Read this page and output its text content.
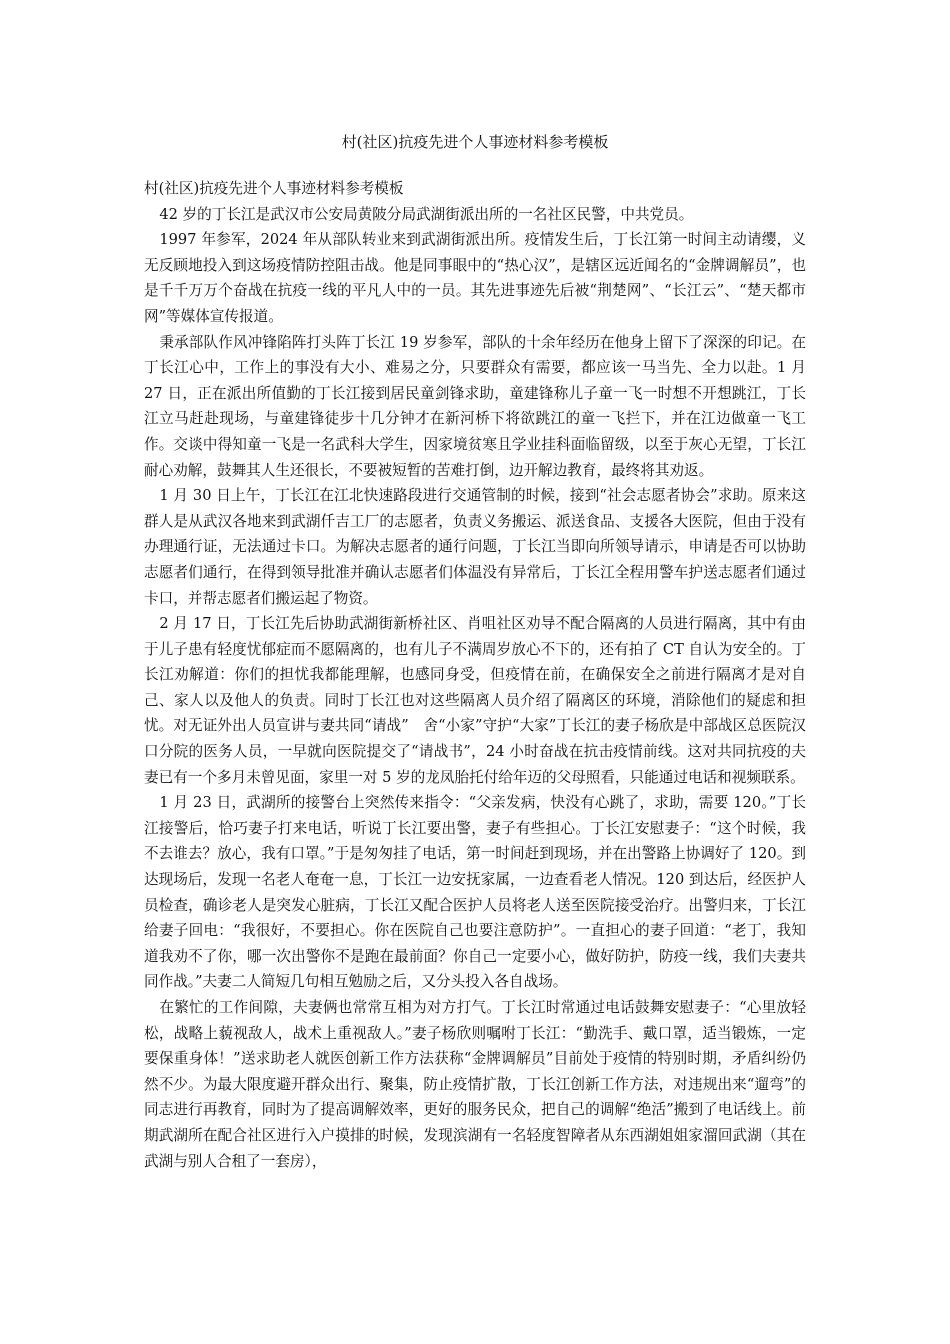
村(社区)抗疫先进个人事迹材料参考模板

村(社区)抗疫先进个人事迹材料参考模板

42 岁的丁长江是武汉市公安局黄陂分局武湖街派出所的一名社区民警，中共党员。

1997 年参军，2024 年从部队转业来到武湖街派出所。疫情发生后，丁长江第一时间主动请缨，义无反顾地投入到这场疫情防控阻击战。他是同事眼中的“热心汉”，是辖区远近闻名的“金牌调解员”，也是千千万万个奋战在抗疫一线的平凡人中的一员。其先进事迹先后被“荆楚网”、“长江云”、“楚天都市网”等媒体宣传报道。

秉承部队作风冲锋陷阵打头阵丁长江 19 岁参军，部队的十余年经历在他身上留下了深深的印记。在丁长江心中，工作上的事没有大小、难易之分，只要群众有需要，都应该一马当先、全力以赴。1 月 27 日，正在派出所值勤的丁长江接到居民童剑锋求助，童建锋称儿子童一飞一时想不开想跳江，丁长江立马赶赴现场，与童建锋徒步十几分钟才在新河桥下将欲跳江的童一飞拦下，并在江边做童一飞工作。交谈中得知童一飞是一名武科大学生，因家境贫寒且学业挂科面临留级，以至于灰心无望，丁长江耐心劝解，鼓舞其人生还很长，不要被短暂的苦难打倒，边开解边教育，最终将其劝返。

1 月 30 日上午，丁长江在江北快速路段进行交通管制的时候，接到“社会志愿者协会”求助。原来这群人是从武汉各地来到武湖仟吉工厂的志愿者，负责义务搬运、派送食品、支援各大医院，但由于没有办理通行证，无法通过卡口。为解决志愿者的通行问题，丁长江当即向所领导请示，申请是否可以协助志愿者们通行，在得到领导批准并确认志愿者们体温没有异常后，丁长江全程用警车护送志愿者们通过卡口，并帮志愿者们搬运起了物资。

2 月 17 日，丁长江先后协助武湖街新桥社区、肖咀社区劝导不配合隔离的人员进行隔离，其中有由于儿子患有轻度忧郁症而不愿隔离的，也有儿子不满周岁放心不下的，还有拍了 CT 自认为安全的。丁长江劝解道：你们的担忧我都能理解，也感同身受，但疫情在前，在确保安全之前进行隔离才是对自己、家人以及他人的负责。同时丁长江也对这些隔离人员介绍了隔离区的环境，消除他们的疑虑和担忧。对无证外出人员宣讲与妻共同“请战”　舍“小家”守护“大家”丁长江的妻子杨欣是中部战区总医院汉口分院的医务人员，一早就向医院提交了“请战书”，24 小时奋战在抗击疫情前线。这对共同抗疫的夫妻已有一个多月未曾见面，家里一对 5 岁的龙凤胎托付给年迈的父母照看，只能通过电话和视频联系。

1 月 23 日，武湖所的接警台上突然传来指令：“父亲发病，快没有心跳了，求助，需要 120。”丁长江接警后，恰巧妻子打来电话，听说丁长江要出警，妻子有些担心。丁长江安慰妻子：“这个时候，我不去谁去？放心，我有口罩。”于是匆匆挂了电话，第一时间赶到现场，并在出警路上协调好了 120。到达现场后，发现一名老人奄奄一息，丁长江一边安抚家属，一边查看老人情况。120 到达后，经医护人员检查，确诊老人是突发心脏病，丁长江又配合医护人员将老人送至医院接受治疗。出警归来，丁长江给妻子回电：“我很好，不要担心。你在医院自己也要注意防护”。一直担心的妻子回道：“老丁，我知道我劝不了你，哪一次出警你不是跑在最前面？你自己一定要小心，做好防护，防疫一线，我们夫妻共同作战。”夫妻二人简短几句相互勉励之后，又分头投入各自战场。

在繁忙的工作间隙，夫妻俩也常常互相为对方打气。丁长江时常通过电话鼓舞安慰妻子：“心里放轻松，战略上藐视敌人，战术上重视敌人。”妻子杨欣则嘱咐丁长江：“勤洗手、戴口罩，适当锻炼，一定要保重身体！”送求助老人就医创新工作方法获称“金牌调解员”目前处于疫情的特别时期，矛盾纠纷仍然不少。为最大限度避开群众出行、聚集，防止疫情扩散，丁长江创新工作方法，对违规出来“遛弯”的同志进行再教育，同时为了提高调解效率，更好的服务民众，把自己的调解“绝活”搬到了电话线上。前期武湖所在配合社区进行入户摸排的时候，发现滨湖有一名轻度智障者从东西湖姐姐家溜回武湖（其在武湖与别人合租了一套房），
